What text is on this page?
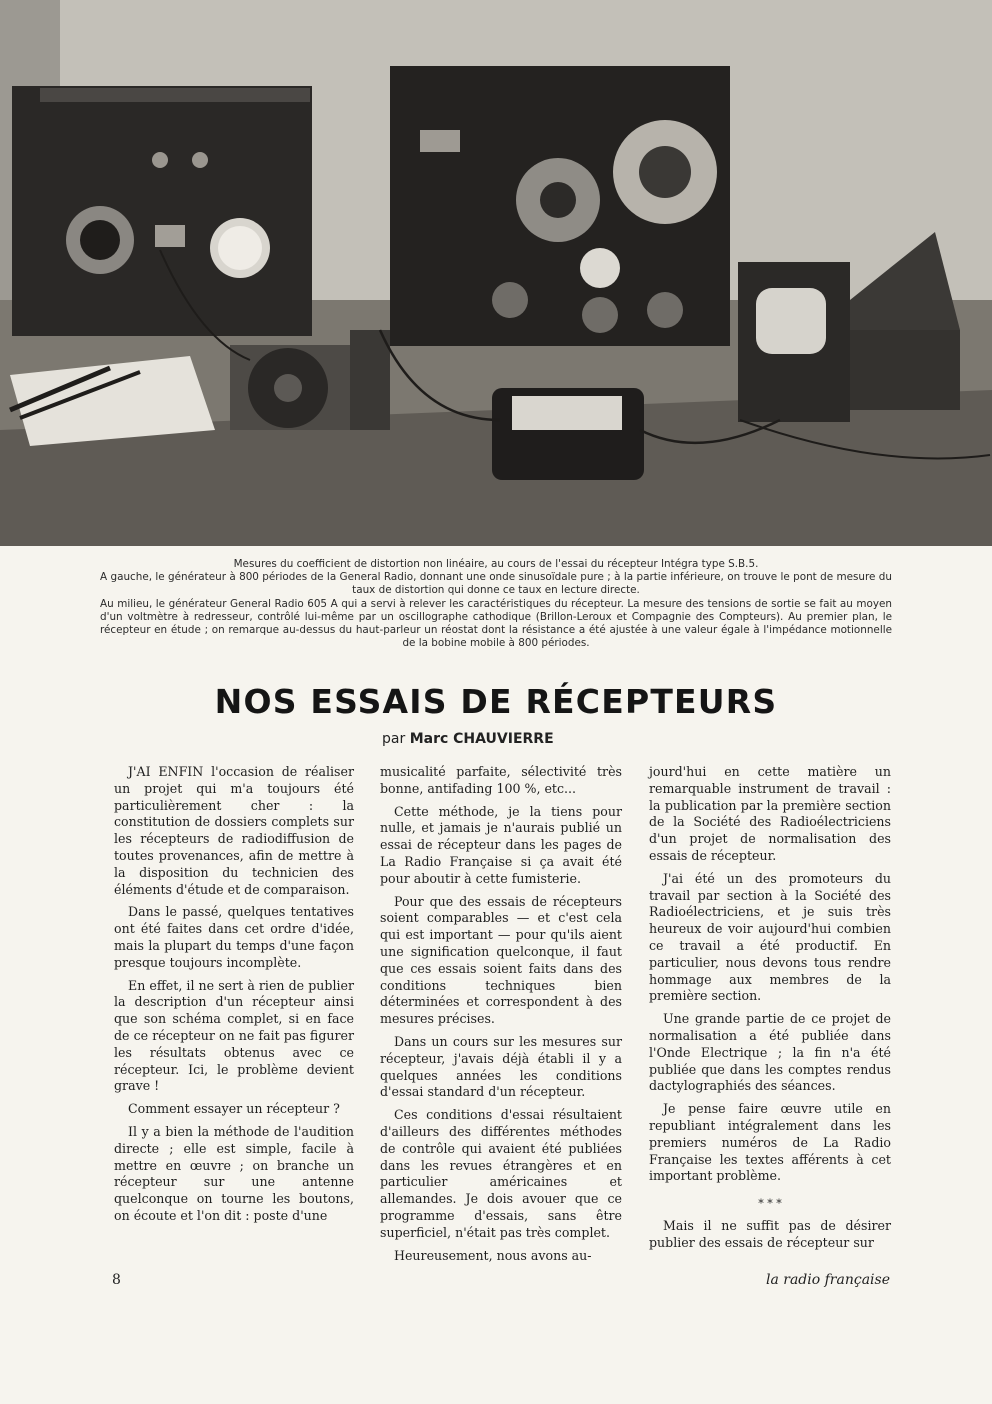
Mesures du coefficient de distortion non linéaire, au cours de l'essai du récepteur Intégra type S.B.5.

A gauche, le générateur à 800 périodes de la General Radio, donnant une onde sinusoïdale pure ; à la partie inférieure, on trouve le pont de mesure du taux de distortion qui donne ce taux en lecture directe.

Au milieu, le générateur General Radio 605 A qui a servi à relever les caractéristiques du récepteur. La mesure des tensions de sortie se fait au moyen d'un voltmètre à redresseur, contrôlé lui-même par un oscillographe cathodique (Brillon-Leroux et Compagnie des Compteurs). Au premier plan, le récepteur en étude ; on remarque au-dessus du haut-parleur un réostat dont la résistance a été ajustée à une valeur égale à l'impédance motionnelle de la bobine mobile à 800 périodes.

NOS ESSAIS DE RÉCEPTEURS
par Marc CHAUVIERRE

J'AI ENFIN l'occasion de réaliser un projet qui m'a toujours été particulièrement cher : la constitution de dossiers complets sur les récepteurs de radiodiffusion de toutes provenances, afin de mettre à la disposition du technicien des éléments d'étude et de comparaison.

Dans le passé, quelques tentatives ont été faites dans cet ordre d'idée, mais la plupart du temps d'une façon presque toujours incomplète.

En effet, il ne sert à rien de publier la description d'un récepteur ainsi que son schéma complet, si en face de ce récepteur on ne fait pas figurer les résultats obtenus avec ce récepteur. Ici, le problème devient grave !

Comment essayer un récepteur ?

Il y a bien la méthode de l'audition directe ; elle est simple, facile à mettre en œuvre ; on branche un récepteur sur une antenne quelconque on tourne les boutons, on écoute et l'on dit : poste d'une

musicalité parfaite, sélectivité très bonne, antifading 100 %, etc...

Cette méthode, je la tiens pour nulle, et jamais je n'aurais publié un essai de récepteur dans les pages de La Radio Française si ça avait été pour aboutir à cette fumisterie.

Pour que des essais de récepteurs soient comparables — et c'est cela qui est important — pour qu'ils aient une signification quelconque, il faut que ces essais soient faits dans des conditions techniques bien déterminées et correspondent à des mesures précises.

Dans un cours sur les mesures sur récepteur, j'avais déjà établi il y a quelques années les conditions d'essai standard d'un récepteur.

Ces conditions d'essai résultaient d'ailleurs des différentes méthodes de contrôle qui avaient été publiées dans les revues étrangères et en particulier américaines et allemandes. Je dois avouer que ce programme d'essais, sans être superficiel, n'était pas très complet.

Heureusement, nous avons au-

jourd'hui en cette matière un remarquable instrument de travail : la publication par la première section de la Société des Radioélectriciens d'un projet de normalisation des essais de récepteur.

J'ai été un des promoteurs du travail par section à la Société des Radioélectriciens, et je suis très heureux de voir aujourd'hui combien ce travail a été productif. En particulier, nous devons tous rendre hommage aux membres de la première section.

Une grande partie de ce projet de normalisation a été publiée dans l'Onde Electrique ; la fin n'a été publiée que dans les comptes rendus dactylographiés des séances.

Je pense faire œuvre utile en republiant intégralement dans les premiers numéros de La Radio Française les textes afférents à cet important problème.

* * *

Mais il ne suffit pas de désirer publier des essais de récepteur sur

8	la radio française
